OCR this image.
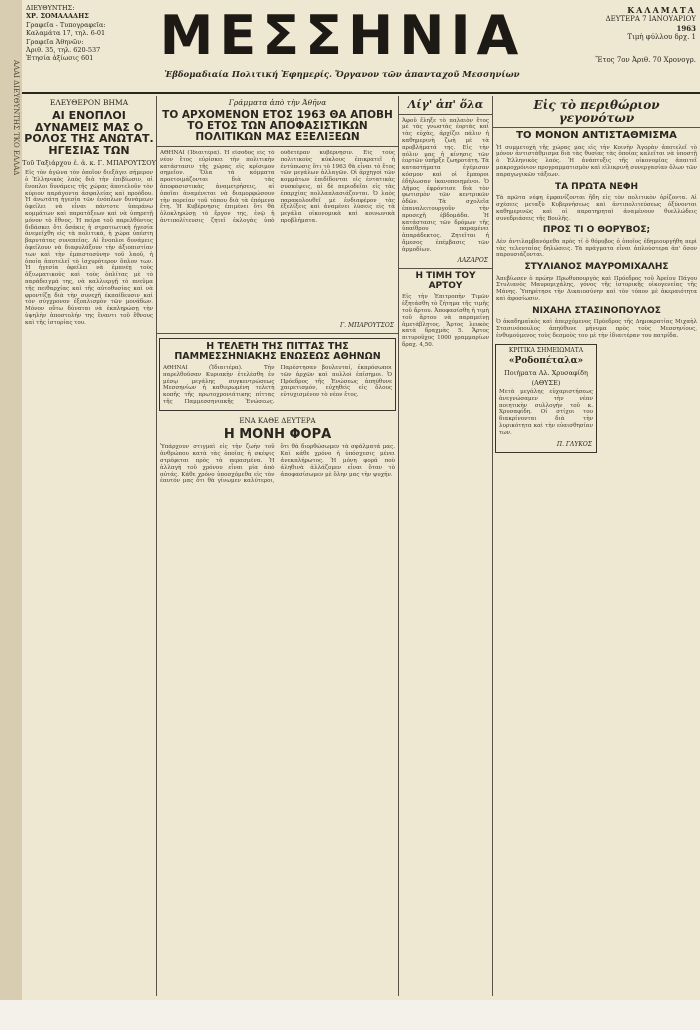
ΑΛΑΙ ΔΙΕΥΘΥΝΤΗΣ ΤΚΟ ΕΛΛΑΔ
ΔΙΕΥΘΥΝΤΗΣ:
ΧΡ. ΣΟΜΑΛΑΔΗΣ
Γραφεῖα - Τυπογραφεῖα:
Καλαμάτα 17, τηλ. 6-01
Γραφεῖα Ἀθηνῶν:
Ἀριθ. 35, τηλ. 620-537
Ἐτησία ἀξίωσις 601	ΜΕΣΣΗΝΙΑ
Ἑβδομαδιαία Πολιτική Ἐφημερίς. Ὄργανον τῶν ἁπανταχοῦ Μεσσηνίων
ΚΑΛΑΜΑΤΑ
ΔΕΥΤΕΡΑ 7 ΙΑΝΟΥΑΡΙΟΥ
1963
Τιμὴ φύλλου δρχ. 1
Ἔτος 7ον Ἀριθ. 70 Χρονογρ.
ΕΛΕΥΘΕΡΟΝ ΒΗΜΑ
ΑΙ ΕΝΟΠΛΟΙ ΔΥΝΑΜΕΙΣ ΜΑΣ Ο ΡΟΛΟΣ ΤΗΣ ΑΝΩΤΑΤ. ΗΓΕΣΙΑΣ ΤΩΝ
Τοῦ Ταξιάρχου ἐ. ἀ. κ. Γ. ΜΠΑΡΟΥΤΣΟΥ
Εἰς τὸν ἀγῶνα τὸν ὁποῖον διεξάγει σήμερον ὁ Ἐλληνικὸς λαὸς διὰ τὴν ἐπιβίωσιν, αἱ ἔνοπλοι δυνάμεις τῆς χώρας ἀποτελοῦν τὸν κύριον παράγοντα ἀσφαλείας καὶ προόδου. Ἡ ἀνωτάτη ἡγεσία τῶν ἐνόπλων δυνάμεων ὀφείλει νὰ εἶναι πάντοτε ὑπεράνω κομμάτων καὶ παρατάξεων καὶ νὰ ὑπηρετῇ μόνον τὸ ἔθνος. Ἡ πείρα τοῦ παρελθόντος διδάσκει ὅτι ὅσάκις ἡ στρατιωτικὴ ἡγεσία ἀνεμείχθη εἰς τὰ πολιτικὰ, ἡ χώρα ὑπέστη βαρυτάτας συνεπείας. Αἱ ἔνοπλοι δυνάμεις ὀφείλουν νὰ διαφυλάξουν τὴν ἀξιοπιστίαν των καὶ τὴν ἐμπιστοσύνην τοῦ λαοῦ, ἡ ὁποία ἀποτελεῖ τὸ ἰσχυρότερον ὅπλον των. Ἡ ἡγεσία ὀφείλει νὰ ἐμπνέῃ τοὺς ἀξιωματικοὺς καὶ τοὺς ὁπλίτας μὲ τὸ παράδειγμά της, νὰ καλλιεργῇ τὸ πνεῦμα τῆς πειθαρχίας καὶ τῆς αὐτοθυσίας καὶ νὰ φροντίζῃ διὰ τὴν συνεχῆ ἐκπαίδευσιν καὶ τὸν σύγχρονον ἐξοπλισμὸν τῶν μονάδων. Μόνον οὕτω δύναται νὰ ἐκπληρώσῃ τὴν ὑψηλὴν ἀποστολήν της ἔναντι τοῦ ἔθνους καὶ τῆς ἱστορίας του.
Γράμματα ἀπὸ τὴν Ἀθῆνα
ΤΟ ΑΡΧΟΜΕΝΟΝ ΕΤΟΣ 1963 ΘΑ ΑΠΟΒΗ ΤΟ ΕΤΟΣ ΤΩΝ ΑΠΟΦΑΣΙΣΤΙΚΩΝ ΠΟΛΙΤΙΚΩΝ ΜΑΣ ΕΞΕΛΙΞΕΩΝ
ΑΘΗΝΑΙ (Ἰδιαιτέρα). Ἡ εἴσοδος εἰς τὸ νέον ἔτος εὑρίσκει τὴν πολιτικὴν κατάστασιν τῆς χώρας εἰς κρίσιμον σημεῖον. Ὅλα τὰ κόμματα προετοιμάζονται διὰ τὰς ἀποφασιστικὰς ἀναμετρήσεις, αἱ ὁποῖαι ἀναμένεται νὰ διαμορφώσουν τὴν πορείαν τοῦ τόπου διὰ τὰ ἐπόμενα ἔτη. Ἡ Κυβέρνησις ἐπιμένει ὅτι θὰ ὁλοκληρώσῃ τὸ ἔργον της, ἐνῷ ἡ ἀντιπολίτευσις ζητεῖ ἐκλογὰς ὑπὸ οὐδετέραν κυβέρνησιν. Εἰς τοὺς πολιτικοὺς κύκλους ἐπικρατεῖ ἡ ἐντύπωσις ὅτι τὸ 1963 θὰ εἶναι τὸ ἔτος τῶν μεγάλων ἀλλαγῶν. Οἱ ἀρχηγοὶ τῶν κομμάτων ἐπιδίδονται εἰς ἐντατικὰς συσκέψεις, αἱ δὲ περιοδεῖαι εἰς τὰς ἐπαρχίας πολλαπλασιάζονται. Ὁ λαὸς παρακολουθεῖ μὲ ἐνδιαφέρον τὰς ἐξελίξεις καὶ ἀναμένει λύσεις εἰς τὰ μεγάλα οἰκονομικὰ καὶ κοινωνικὰ προβλήματα.
Γ. ΜΠΑΡΟΥΤΣΟΣ
Η ΤΕΛΕΤΗ ΤΗΣ ΠΙΤΤΑΣ ΤΗΣ ΠΑΜΜΕΣΣΗΝΙΑΚΗΣ ΕΝΩΣΕΩΣ ΑΘΗΝΩΝ
ΑΘΗΝΑΙ (Ἰδιαιτέρα). Τὴν παρελθοῦσαν Κυριακὴν ἐτελέσθη ἐν μέσῳ μεγάλης συγκεντρώσεως Μεσσηνίων ἡ καθιερωμένη τελετὴ κοπῆς τῆς πρωτοχρονιάτικης πίττας τῆς Παμμεσσηνιακῆς Ἑνώσεως. Παρέστησαν βουλευταί, ἐκπρόσωποι τῶν ἀρχῶν καὶ πολλοὶ ἐπίσημοι. Ὁ Πρόεδρος τῆς Ἑνώσεως ἀπηύθυνε χαιρετισμόν, εὐχηθεὶς εἰς ὅλους εὐτυχισμένον τὸ νέον ἔτος.
ΕΝΑ ΚΑΘΕ ΔΕΥΤΕΡΑ
Η ΜΟΝΗ ΦΟΡΑ
Ὑπάρχουν στιγμαὶ εἰς τὴν ζωὴν τοῦ ἀνθρώπου κατὰ τὰς ὁποίας ἡ σκέψις στρέφεται πρὸς τὰ περασμένα. Ἡ ἀλλαγὴ τοῦ χρόνου εἶναι μία ἀπὸ αὐτάς. Κάθε χρόνο ὑποσχόμεθα εἰς τὸν ἑαυτόν μας ὅτι θὰ γίνωμεν καλύτεροι, ὅτι θὰ διορθώσωμεν τὰ σφάλματά μας. Καὶ κάθε χρόνο ἡ ὑπόσχεσις μένει ἀνεκπλήρωτος. Ἡ μόνη φορά ποὺ ἀληθινὰ ἀλλάζομεν εἶναι ὅταν τὸ ἀποφασίσωμεν μὲ ὅλην μας τὴν ψυχήν.
Λίγ' ἀπ' ὅλα
Ἀφοῦ ἔληξε τὸ παλαιὸν ἔτος μὲ τὰς γνωστὰς ἑορτὰς καὶ τὰς εὐχὰς, ἀρχίζει πάλιν ἡ καθημερινὴ ζωὴ μὲ τὰ προβλήματά της. Εἰς τὴν πόλιν μας ἡ κίνησις τῶν ἑορτῶν ὑπῆρξε ζωηροτάτη. Τὰ καταστήματα ἐγέμισαν κόσμον καὶ οἱ ἔμποροι ἐδήλωσαν ἱκανοποιημένοι. Ὁ Δῆμος ἐφρόντισε διὰ τὸν φωτισμὸν τῶν κεντρικῶν ὁδῶν. Τὰ σχολεῖα ἐπαναλειτουργοῦν τὴν προσεχῆ ἑβδομάδα. Ἡ κατάστασις τῶν δρόμων τῆς ὑπαίθρου παραμένει ἀπαράδεκτος. Ζητεῖται ἡ ἄμεσος ἐπέμβασις τῶν ἁρμοδίων.
ΛΑΖΑΡΟΣ
Η ΤΙΜΗ ΤΟΥ ΑΡΤΟΥ
Εἰς τὴν Ἐπιτροπὴν Τιμῶν ἐξητάσθη τὸ ζήτημα τῆς τιμῆς τοῦ ἄρτου. Ἀποφασίσθη ἡ τιμὴ τοῦ ἄρτου νὰ παραμείνῃ ἀμετάβλητος. Ἄρτος λευκὸς κατὰ δραχμὰς 5. Ἄρτος πιτυροῦχος 1000 γραμμαρίων δραχ. 4,50.
Εἰς τὸ περιθώριον γεγονότων
ΤΟ ΜΟΝΟΝ ΑΝΤΙΣΤΑΘΜΙΣΜΑ
Ἡ συμμετοχὴ τῆς χώρας μας εἰς τὴν Κοινὴν Ἀγορὰν ἀποτελεῖ τὸ μόνον ἀντιστάθμισμα διὰ τὰς θυσίας τὰς ὁποίας καλεῖται νὰ ὑποστῇ ὁ Ἑλληνικὸς λαός. Ἡ ἀνάπτυξις τῆς οἰκονομίας ἀπαιτεῖ μακροχρόνιον προγραμματισμὸν καὶ εἰλικρινῆ συνεργασίαν ὅλων τῶν παραγωγικῶν τάξεων.
ΤΑ ΠΡΩΤΑ ΝΕΦΗ
Τὰ πρῶτα νέφη ἐμφανίζονται ἤδη εἰς τὸν πολιτικὸν ὁρίζοντα. Αἱ σχέσεις μεταξὺ Κυβερνήσεως καὶ ἀντιπολιτεύσεως ὀξύνονται καθημερινῶς καὶ οἱ παρατηρηταὶ ἀναμένουν θυελλώδεις συνεδριάσεις τῆς Βουλῆς.
ΠΡΟΣ ΤΙ Ο ΘΟΡΥΒΟΣ;
Δὲν ἀντιλαμβανόμεθα πρὸς τί ὁ θόρυβος ὁ ὁποῖος ἐδημιουργήθη περὶ τὰς τελευταίας δηλώσεις. Τὰ πράγματα εἶναι ἁπλούστερα ἀπ' ὅσον παρουσιάζονται.
ΣΤΥΛΙΑΝΟΣ ΜΑΥΡΟΜΙΧΑΛΗΣ
Ἀπεβίωσεν ὁ πρώην Πρωθυπουργὸς καὶ Πρόεδρος τοῦ Ἀρείου Πάγου Στυλιανὸς Μαυρομιχάλης, γόνος τῆς ἱστορικῆς οἰκογενείας τῆς Μάνης. Ὑπηρέτησε τὴν Δικαιοσύνην καὶ τὸν τόπον μὲ ἀκεραιότητα καὶ ἀφοσίωσιν.
ΝΙΧΑΗΛ ΣΤΑΣΙΝΟΠΟΥΛΟΣ
Ὁ ἀκαδημαϊκὸς καὶ ἀπερχόμενος Πρόεδρος τῆς Δημοκρατίας Μιχαὴλ Στασινόπουλος ἀπηύθυνε μήνυμα πρὸς τοὺς Μεσσηνίους, ἐνθυμούμενος τοὺς δεσμοὺς του μὲ τὴν ἰδιαιτέραν του πατρίδα.
ΚΡΙΤΙΚΑ ΣΗΜΕΙΩΜΑΤΑ
«Ροδοπέταλα»
Ποιήματα Αλ. Χρυσαφίδη
(ΑΘΥΣΕ)
Μετὰ μεγάλης εὐχαριστήσεως ἀνεγνώσαμεν τὴν νέαν ποιητικὴν συλλογὴν τοῦ κ. Χρυσαφίδη. Οἱ στίχοι του διακρίνονται διὰ τὴν λυρικότητα καὶ τὴν εὐαισθησίαν των.
Π. ΓΛΥΚΟΣ
